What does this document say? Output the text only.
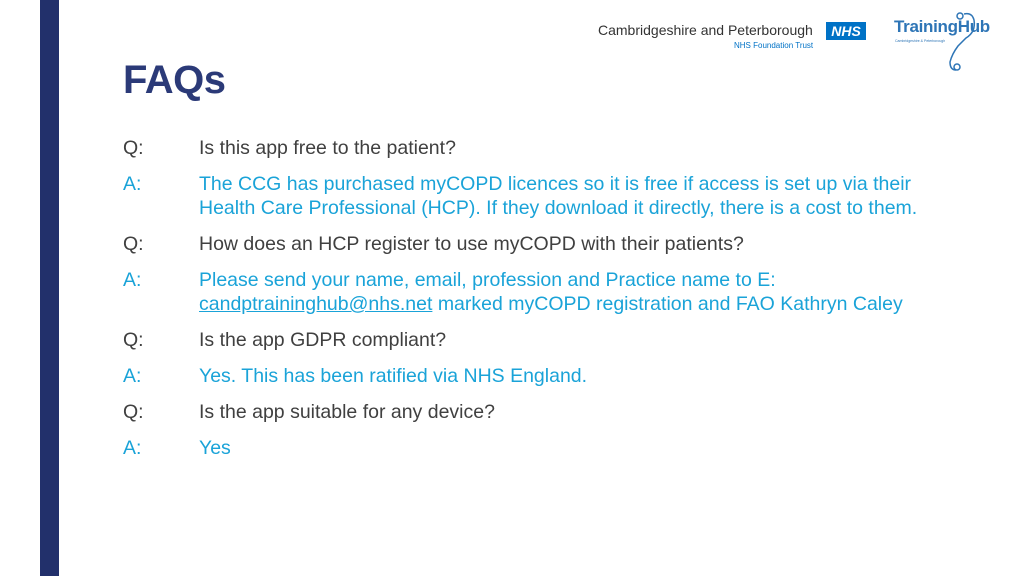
Cambridgeshire and Peterborough	NHS
NHS Foundation Trust
TrainingHub
Cambridgeshire & Peterborough
FAQs
Q:	Is this app free to the patient?
A:	The CCG has purchased myCOPD licences so it is free if access is set up via their Health Care Professional (HCP). If they download it directly, there is a cost to them.
Q:	How does an HCP register to use myCOPD with their patients?
A:	Please send your name, email, profession and Practice name to E: candptraininghub@nhs.net marked myCOPD registration and FAO Kathryn Caley
Q:	Is the app GDPR compliant?
A:	Yes. This has been ratified via NHS England.
Q:	Is the app suitable for any device?
A:	Yes
